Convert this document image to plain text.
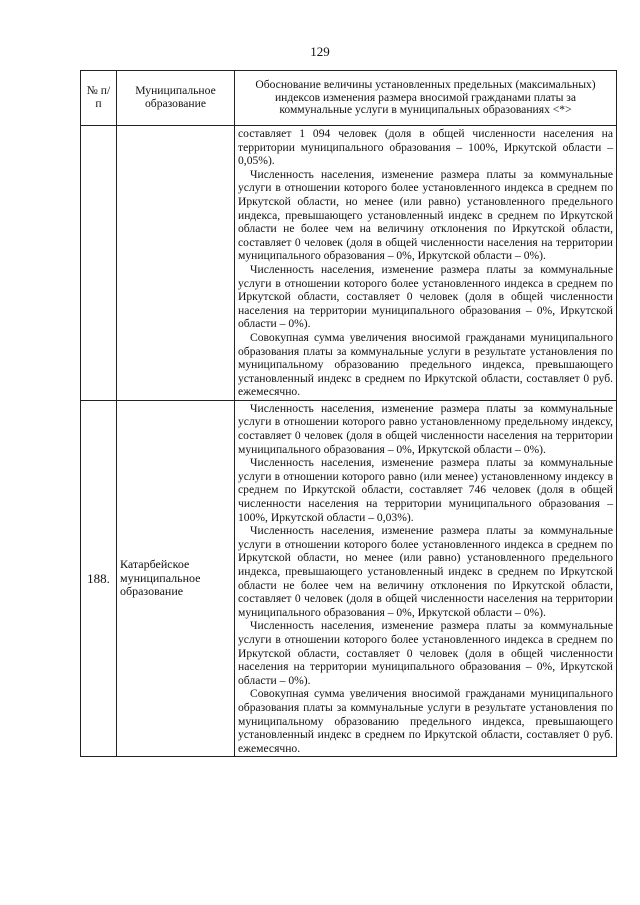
129
№ п/п	Муниципальное образование	Обоснование величины установленных предельных (максимальных) индексов изменения размера вносимой гражданами платы за коммунальные услуги в муниципальных образованиях <*>

		составляет 1 094 человек (доля в общей численности населения на территории муниципального образования – 100%, Иркутской области – 0,05%).

Численность населения, изменение размера платы за коммунальные услуги в отношении которого более установленного индекса в среднем по Иркутской области, но менее (или равно) установленного предельного индекса, превышающего установленный индекс в среднем по Иркутской области не более чем на величину отклонения по Иркутской области, составляет 0 человек (доля в общей численности населения на территории муниципального образования – 0%, Иркутской области – 0%).

Численность населения, изменение размера платы за коммунальные услуги в отношении которого более установленного индекса в среднем по Иркутской области, составляет 0 человек (доля в общей численности населения на территории муниципального образования – 0%, Иркутской области – 0%).

Совокупная сумма увеличения вносимой гражданами муниципального образования платы за коммунальные услуги в результате установления по муниципальному образованию предельного индекса, превышающего установленный индекс в среднем по Иркутской области, составляет 0 руб. ежемесячно.

188.	Катарбейское муниципальное образование	Численность населения, изменение размера платы за коммунальные услуги в отношении которого равно установленному предельному индексу, составляет 0 человек (доля в общей численности населения на территории муниципального образования – 0%, Иркутской области – 0%).

Численность населения, изменение размера платы за коммунальные услуги в отношении которого равно (или менее) установленному индексу в среднем по Иркутской области, составляет 746 человек (доля в общей численности населения на территории муниципального образования – 100%, Иркутской области – 0,03%).

Численность населения, изменение размера платы за коммунальные услуги в отношении которого более установленного индекса в среднем по Иркутской области, но менее (или равно) установленного предельного индекса, превышающего установленный индекс в среднем по Иркутской области не более чем на величину отклонения по Иркутской области, составляет 0 человек (доля в общей численности населения на территории муниципального образования – 0%, Иркутской области – 0%).

Численность населения, изменение размера платы за коммунальные услуги в отношении которого более установленного индекса в среднем по Иркутской области, составляет 0 человек (доля в общей численности населения на территории муниципального образования – 0%, Иркутской области – 0%).

Совокупная сумма увеличения вносимой гражданами муниципального образования платы за коммунальные услуги в результате установления по муниципальному образованию предельного индекса, превышающего установленный индекс в среднем по Иркутской области, составляет 0 руб. ежемесячно.
